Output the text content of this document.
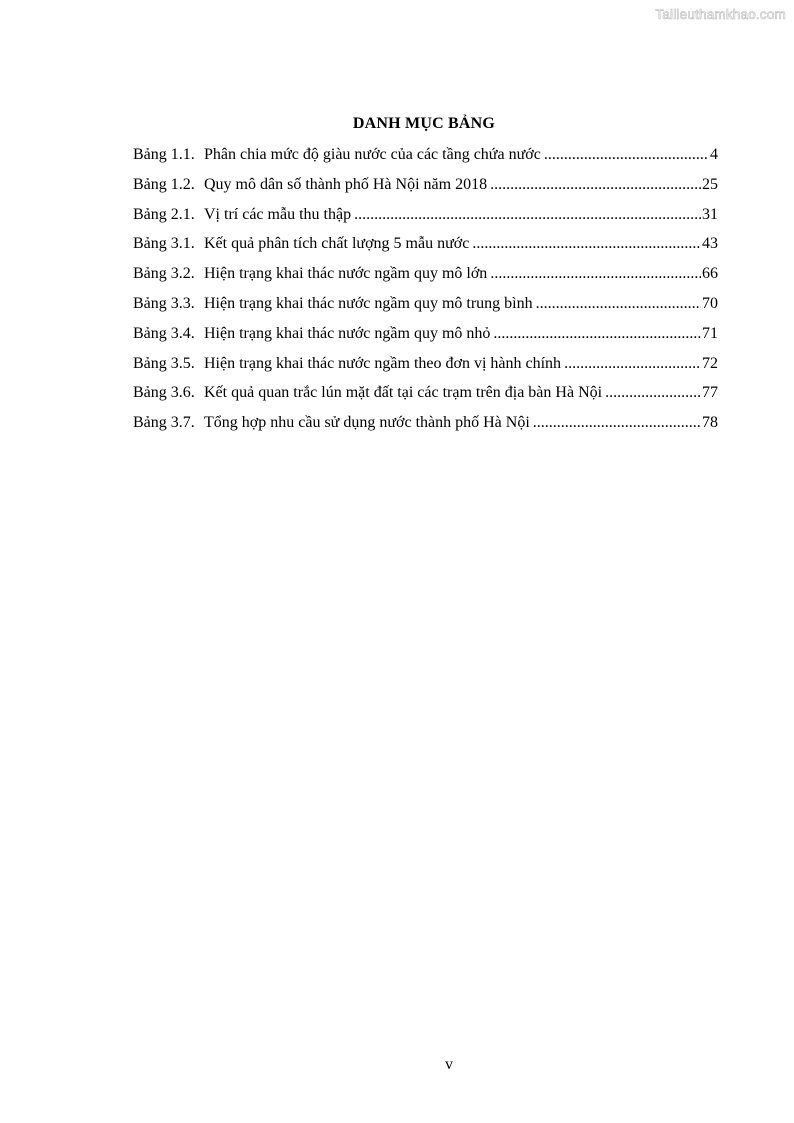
Tailieuthamkhao.com
DANH MỤC BẢNG
Bảng 1.1. Phân chia mức độ giàu nước của các tầng chứa nước .....	4
Bảng 1.2. Quy mô dân số thành phố Hà Nội năm 2018 .....	25
Bảng 2.1. Vị trí các mẫu thu thập .....	31
Bảng 3.1. Kết quả phân tích chất lượng 5 mẫu nước .....	43
Bảng 3.2. Hiện trạng khai thác nước ngầm quy mô lớn .....	66
Bảng 3.3. Hiện trạng khai thác nước ngầm quy mô trung bình .....	70
Bảng 3.4. Hiện trạng khai thác nước ngầm quy mô nhỏ .....	71
Bảng 3.5. Hiện trạng khai thác nước ngầm theo đơn vị hành chính .....	72
Bảng 3.6. Kết quả quan trắc lún mặt đất tại các trạm trên địa bàn Hà Nội .....	77
Bảng 3.7. Tổng hợp nhu cầu sử dụng nước thành phố Hà Nội .....	78
v
